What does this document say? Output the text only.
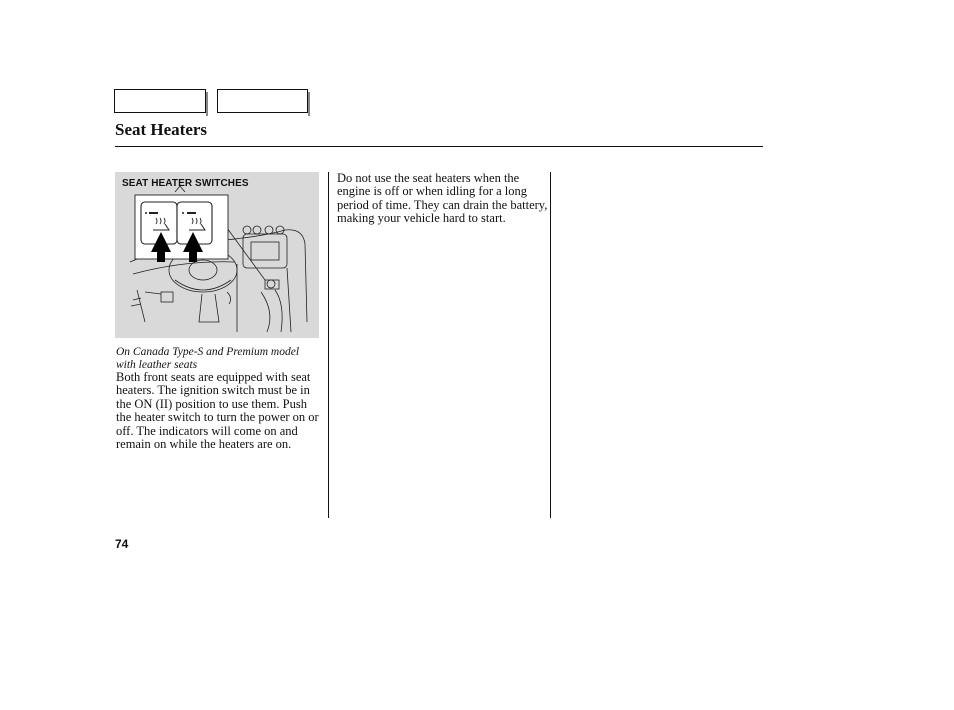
Seat Heaters
SEAT HEATER SWITCHES
On Canada Type-S and Premium model with leather seats

Both front seats are equipped with seat heaters. The ignition switch must be in the ON (II) position to use them. Push the heater switch to turn the power on or off. The indicators will come on and remain on while the heaters are on.

Do not use the seat heaters when the engine is off or when idling for a long period of time. They can drain the battery, making your vehicle hard to start.

74
